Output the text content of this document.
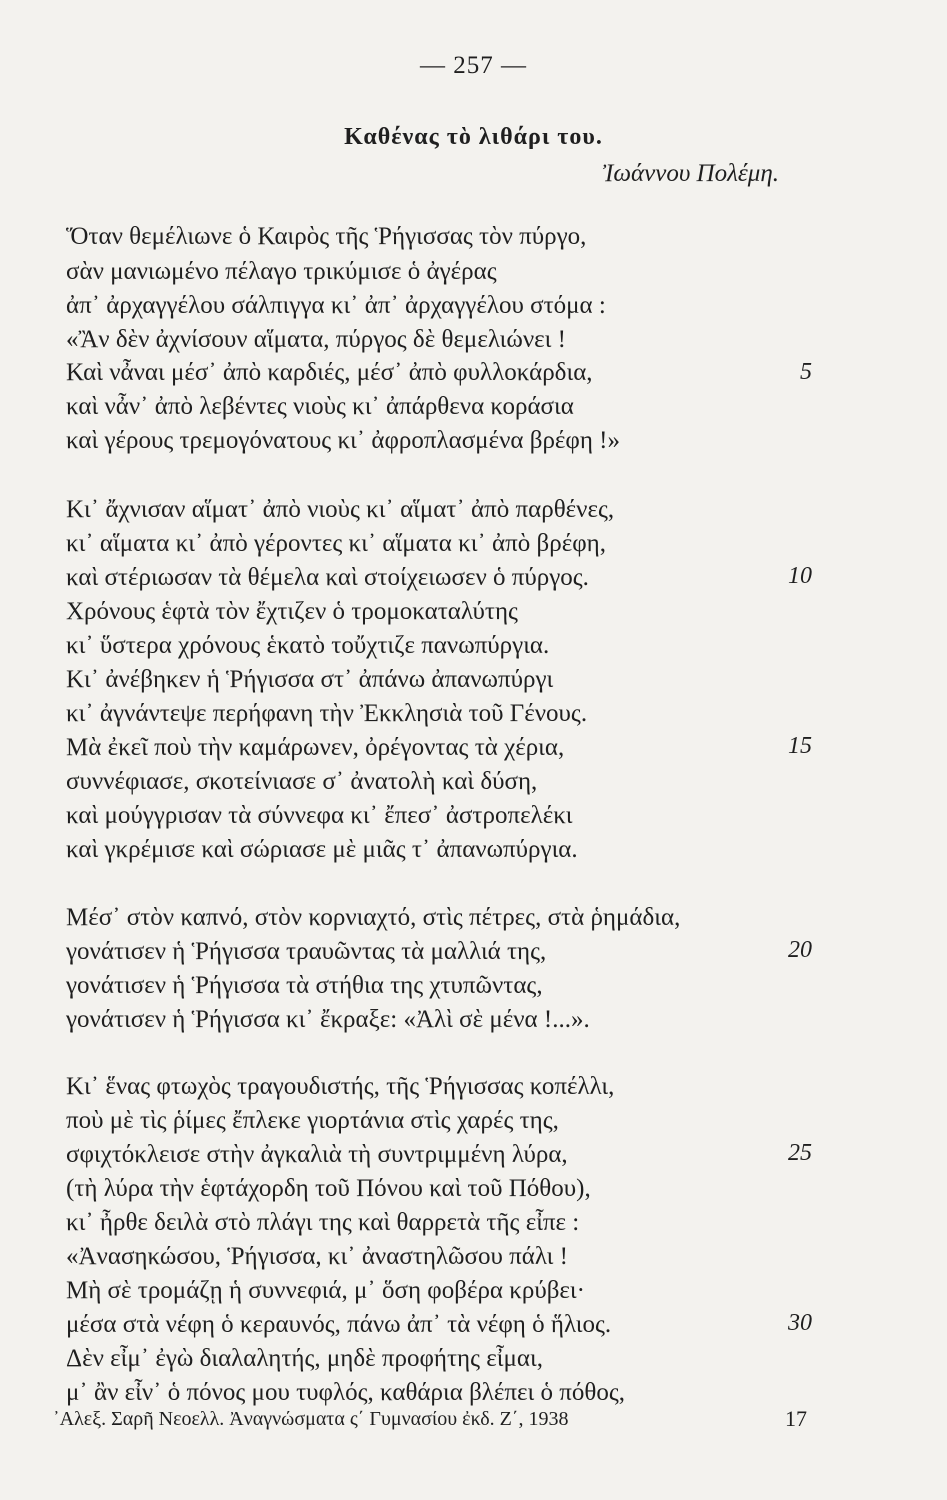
— 257 —
Καθένας τὸ λιθάρι του.
Ἰωάννου Πολέμη.
Ὅταν θεμέλιωνε ὁ Καιρὸς τῆς Ῥήγισσας τὸν πύργο,
σὰν μανιωμένο πέλαγο τρικύμισε ὁ ἀγέρας
ἀπ᾽ ἀρχαγγέλου σάλπιγγα κι᾽ ἀπ᾽ ἀρχαγγέλου στόμα :
«Ἂν δὲν ἀχνίσουν αἵματα, πύργος δὲ θεμελιώνει !
Καὶ νἆναι μέσ᾽ ἀπὸ καρδιές, μέσ᾽ ἀπὸ φυλλοκάρδια,
καὶ νἆν᾽ ἀπὸ λεβέντες νιοὺς κι᾽ ἀπάρθενα κοράσια
καὶ γέρους τρεμογόνατους κι᾽ ἀφροπλασμένα βρέφη !»
Κι᾽ ἄχνισαν αἵματ᾽ ἀπὸ νιοὺς κι᾽ αἵματ᾽ ἀπὸ παρθένες,
κι᾽ αἵματα κι᾽ ἀπὸ γέροντες κι᾽ αἵματα κι᾽ ἀπὸ βρέφη,
καὶ στέριωσαν τὰ θέμελα καὶ στοίχειωσεν ὁ πύργος.
Χρόνους ἑφτὰ τὸν ἔχτιζεν ὁ τρομοκαταλύτης
κι᾽ ὕστερα χρόνους ἑκατὸ τοὔχτιζε πανωπύργια.
Κι᾽ ἀνέβηκεν ἡ Ῥήγισσα στ᾽ ἀπάνω ἀπανωπύργι
κι᾽ ἀγνάντεψε περήφανη τὴν Ἐκκλησιὰ τοῦ Γένους.
Μὰ ἐκεῖ ποὺ τὴν καμάρωνεν, ὀρέγοντας τὰ χέρια,
συννέφιασε, σκοτείνιασε σ᾽ ἀνατολὴ καὶ δύση,
καὶ μούγγρισαν τὰ σύννεφα κι᾽ ἔπεσ᾽ ἀστροπελέκι
καὶ γκρέμισε καὶ σώριασε μὲ μιᾶς τ᾽ ἀπανωπύργια.
Μέσ᾽ στὸν καπνό, στὸν κορνιαχτό, στὶς πέτρες, στὰ ῥημάδια,
γονάτισεν ἡ Ῥήγισσα τραυῶντας τὰ μαλλιά της,
γονάτισεν ἡ Ῥήγισσα τὰ στήθια της χτυπῶντας,
γονάτισεν ἡ Ῥήγισσα κι᾽ ἔκραξε: «Ἀλὶ σὲ μένα !...».
Κι᾽ ἕνας φτωχὸς τραγουδιστής, τῆς Ῥήγισσας κοπέλλι,
ποὺ μὲ τὶς ῥίμες ἔπλεκε γιορτάνια στὶς χαρές της,
σφιχτόκλεισε στὴν ἀγκαλιὰ τὴ συντριμμένη λύρα,
(τὴ λύρα τὴν ἑφτάχορδη τοῦ Πόνου καὶ τοῦ Πόθου),
κι᾽ ἦρθε δειλὰ στὸ πλάγι της καὶ θαρρετὰ τῆς εἶπε :
«Ἀνασηκώσου, Ῥήγισσα, κι᾽ ἀναστηλῶσου πάλι !
Μὴ σὲ τρομάζῃ ἡ συννεφιά, μ᾽ ὅση φοβέρα κρύβει·
μέσα στὰ νέφη ὁ κεραυνός, πάνω ἀπ᾽ τὰ νέφη ὁ ἥλιος.
Δὲν εἶμ᾽ ἐγὼ διαλαλητής, μηδὲ προφήτης εἶμαι,
μ᾽ ἂν εἶν᾽ ὁ πόνος μου τυφλός, καθάρια βλέπει ὁ πόθος,
5
10
15
20
25
30
᾽Αλεξ. Σαρῆ Νεοελλ. Ἀναγνώσματα ς΄ Γυμνασίου ἐκδ. Ζ΄, 1938	17
